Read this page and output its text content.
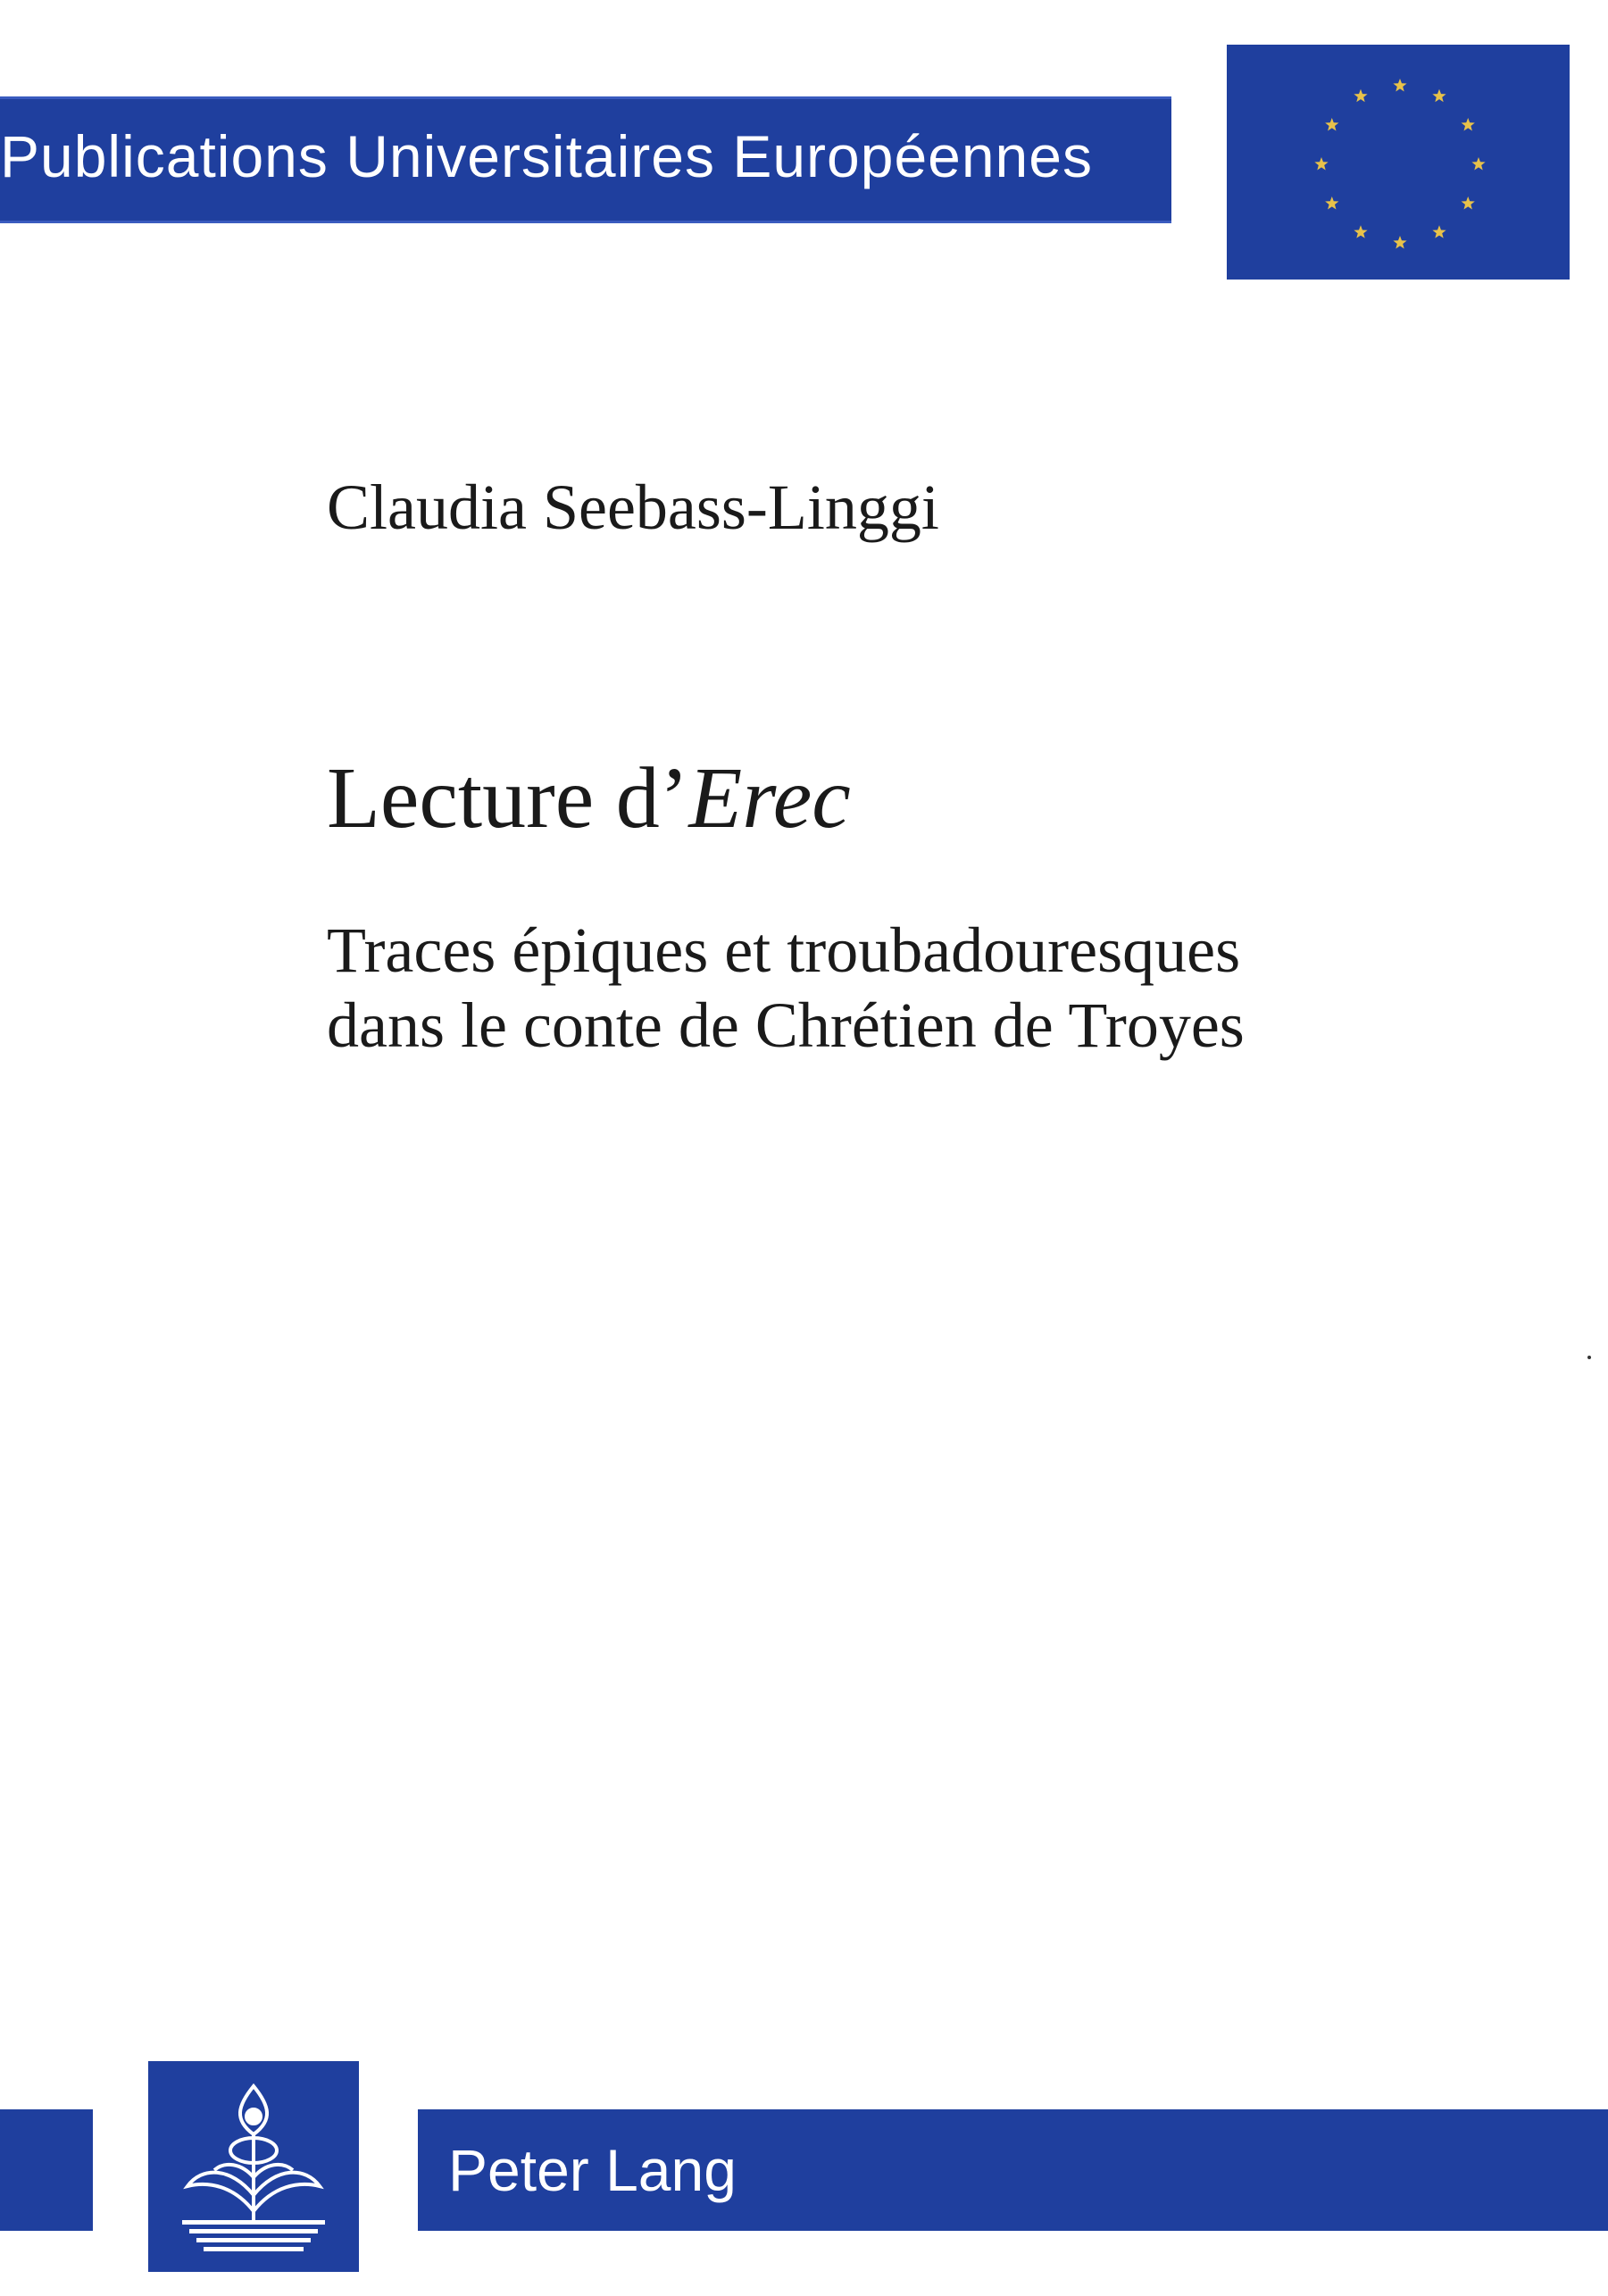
Publications Universitaires Européennes
Claudia Seebass-Linggi
Lecture d’Erec
Traces épiques et troubadouresques
dans le conte de Chrétien de Troyes
Peter Lang
